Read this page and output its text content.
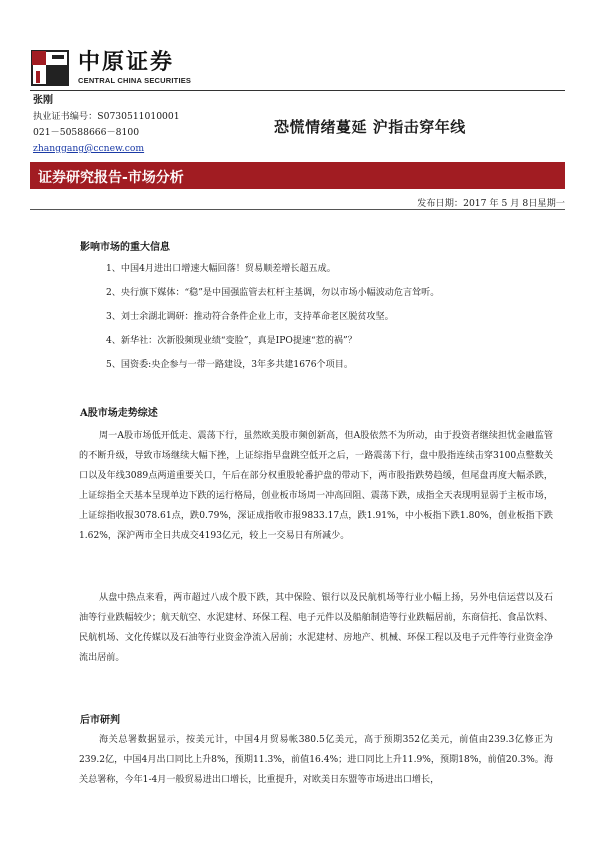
中原证券
CENTRAL CHINA SECURITIES
张刚
执业证书编号：S0730511010001
021－50588666－8100
zhanggang@ccnew.com
恐慌情绪蔓延 沪指击穿年线
证券研究报告-市场分析
发布日期：2017 年 5 月 8日星期一
影响市场的重大信息
1、中国4月进出口增速大幅回落！贸易顺差增长超五成。
2、央行旗下媒体：“稳”是中国强监管去杠杆主基调，勿以市场小幅波动危言耸听。
3、刘士余湖北调研：推动符合条件企业上市，支持革命老区脱贫攻坚。
4、新华社：次新股频现业绩“变脸”，真是IPO提速“惹的祸”？
5、国资委:央企参与一带一路建设，3年多共建1676个项目。
A股市场走势综述
周一A股市场低开低走、震荡下行，虽然欧美股市频创新高，但A股依然不为所动，由于投资者继续担忧金融监管的不断升级，导致市场继续大幅下挫，上证综指早盘跳空低开之后，一路震荡下行，盘中股指连续击穿3100点整数关口以及年线3089点两道重要关口，午后在部分权重股轮番护盘的带动下，两市股指跌势趋缓，但尾盘再度大幅杀跌，上证综指全天基本呈现单边下跌的运行格局，创业板市场周一冲高回阻、震荡下跌，成指全天表现明显弱于主板市场，上证综指收报3078.61点，跌0.79%，深证成指收市报9833.17点，跌1.91%，中小板指下跌1.80%，创业板指下跌1.62%，深沪两市全日共成交4193亿元，较上一交易日有所减少。
从盘中热点来看，两市超过八成个股下跌，其中保险、银行以及民航机场等行业小幅上扬，另外电信运营以及石油等行业跌幅较少；航天航空、水泥建材、环保工程、电子元件以及船舶制造等行业跌幅居前，东商信托、食品饮料、民航机场、文化传媒以及石油等行业资金净流入居前；水泥建材、房地产、机械、环保工程以及电子元件等行业资金净流出居前。
后市研判
海关总署数据显示，按美元计，中国4月贸易帐380.5亿美元，高于预期352亿美元，前值由239.3亿修正为239.2亿，中国4月出口同比上升8%，预期11.3%，前值16.4%；进口同比上升11.9%，预期18%，前值20.3%。海关总署称，今年1-4月一般贸易进出口增长，比重提升，对欧美日东盟等市场进出口增长，
